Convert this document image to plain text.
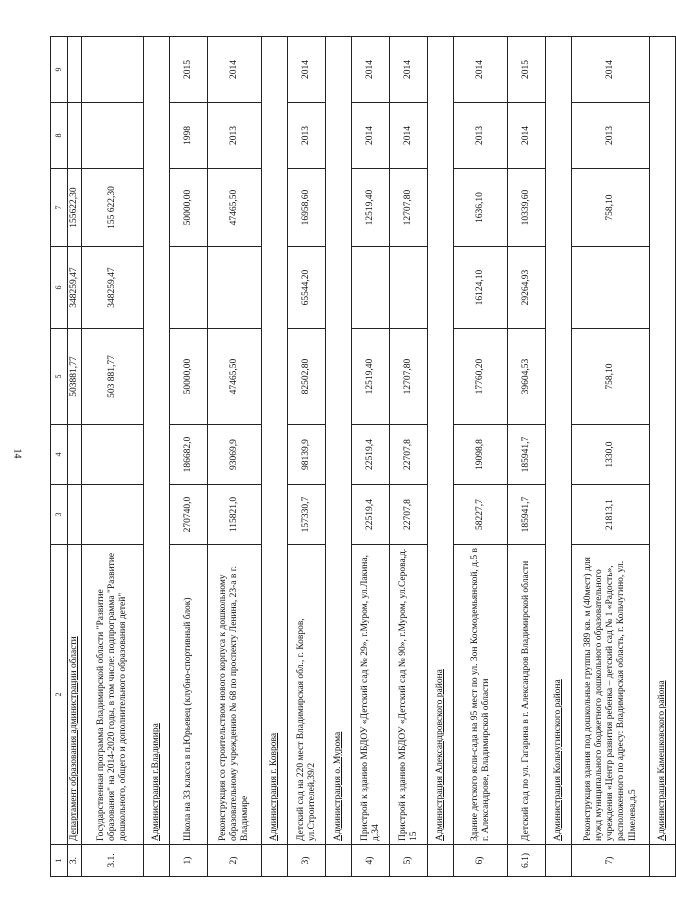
14
1	2	3	4	5	6	7	8	9
3.	Департамент образования администрации области			503881,77	348259,47	155622,30		
3.1.	Государственная программа Владимирской области "Развитие образования" на 2014-2020 годы, в том числе: подпрограмма "Развитие дошкольного, общего и дополнительного образования детей"			503 881,77	348259,47	155 622,30		
	Администрация г.Владимира							
1)	Школа на 33 класса в п.Юрьевец (клубно-спортивный блок)	270740,0	186682,0	50000,00		50000,00	1998	2015
2)	Реконструкция со строительством нового корпуса к дошкольному образовательному учреждению № 68 по проспекту Ленина, 23-а в г. Владимире	115821,0	93069,9	47465,50		47465,50	2013	2014
	Администрация г. Коврова							
3)	Детский сад на 220 мест Владимирская обл., г. Ковров, ул.Строителей,39/2	157330,7	98139,9	82502,80	65544,20	16958,60	2013	2014
	Администрация о. Мурома							
4)	Пристрой к зданию МБДОУ «Детский сад № 29», г.Муром, ул.Лакина, д.34	22519,4	22519,4	12519,40		12519,40	2014	2014
5)	Пристрой к зданию МБДОУ «Детский сад № 90», г.Муром, ул.Серова,д. 15	22707,8	22707,8	12707,80		12707,80	2014	2014
	Администрация Александровского района							
6)	Здание детского ясли-сада на 95 мест по ул. 3он Космодемьянской, д.5 в г. Александрове, Владимирской области	58227,7	19098,8	17760,20	16124,10	1636,10	2013	2014
6.1)	Детский сад по ул. Гагарина в г. Александров Владимирской области	185941,7	185941,7	39604,53	29264,93	10339,60	2014	2015
	Администрация Кольчугинского района							
7)	Реконструкция здания под дошкольные группы 389 кв. м (40мест) для нужд муниципального бюджетного дошкольного образовательного учреждения «Центр развития ребенка – детский сад № 1 «Радость», расположенного по адресу: Владимирская область, г. Кольчугино, ул. Шмелева,д.5	21813,1	1330,0	758,10		758,10	2013	2014
	Администрация Камешковского района							
